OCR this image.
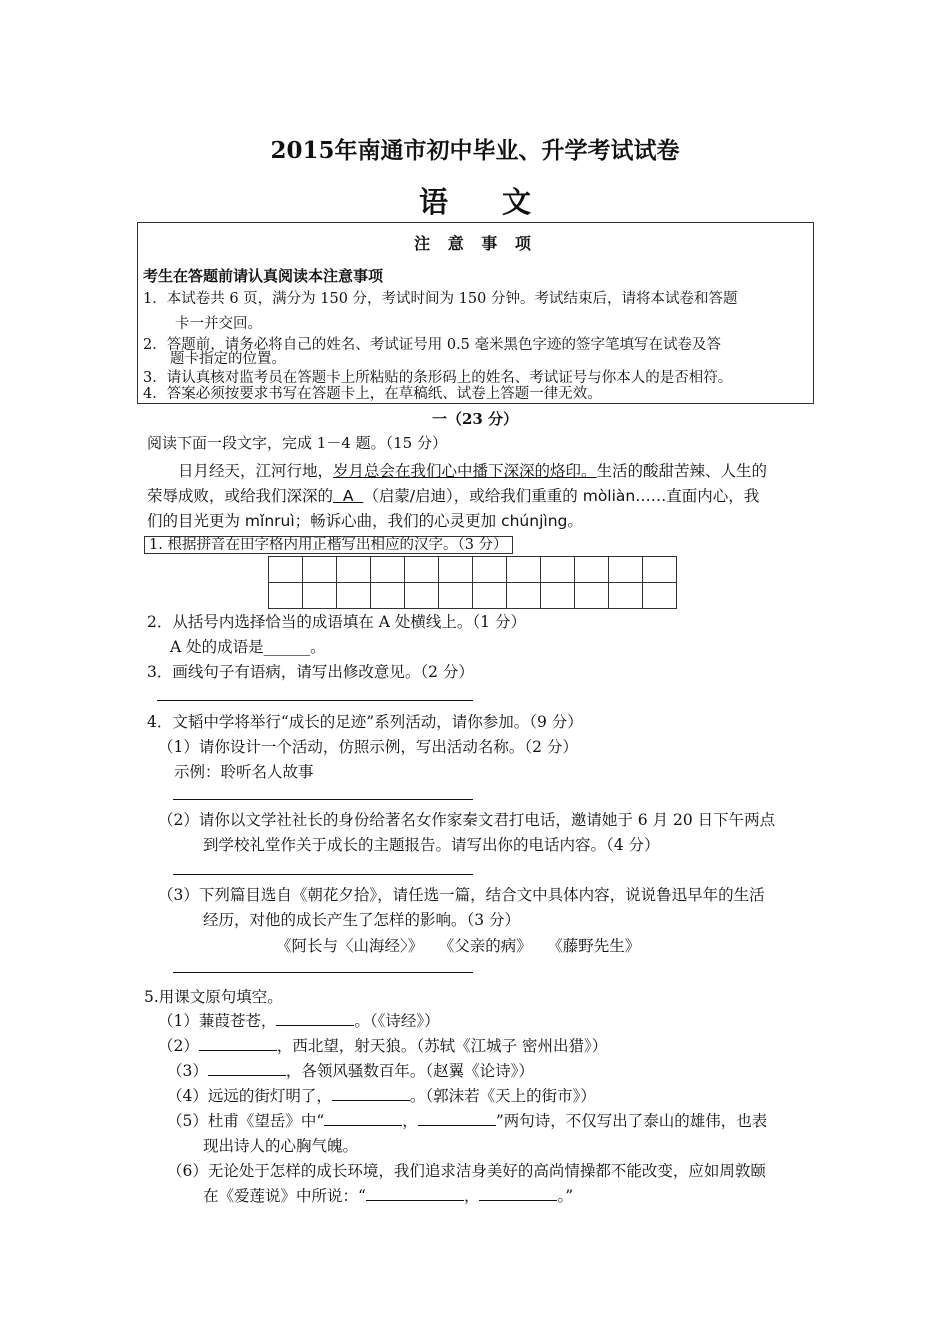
2015年南通市初中毕业、升学考试试卷
语 文
注 意 事 项
考生在答题前请认真阅读本注意事项
1．本试卷共 6 页，满分为 150 分，考试时间为 150 分钟。考试结束后，请将本试卷和答题
卡一并交回。
2．答题前，请务必将自己的姓名、考试证号用 0.5 毫米黑色字迹的签字笔填写在试卷及答
题卡指定的位置。
3．请认真核对监考员在答题卡上所粘贴的条形码上的姓名、考试证号与你本人的是否相符。
4．答案必须按要求书写在答题卡上，在草稿纸、试卷上答题一律无效。
一（23 分）
阅读下面一段文字，完成 1－4 题。（15 分）
日月经天，江河行地，岁月总会在我们心中播下深深的烙印。生活的酸甜苦辣、人生的
荣辱成败，或给我们深深的  A  （启蒙/启迪），或给我们重重的 mòliàn……直面内心，我
们的目光更为 mǐnruì；畅诉心曲，我们的心灵更加 chúnjìng。
1. 根据拼音在田字格内用正楷写出相应的汉字。（3 分）

2．从括号内选择恰当的成语填在 A 处横线上。（1 分）
A 处的成语是______。
3．画线句子有语病，请写出修改意见。（2 分）
4．文韬中学将举行“成长的足迹”系列活动，请你参加。（9 分）
（1）请你设计一个活动，仿照示例，写出活动名称。（2 分）
示例：聆听名人故事
（2）请你以文学社社长的身份给著名女作家秦文君打电话，邀请她于 6 月 20 日下午两点
到学校礼堂作关于成长的主题报告。请写出你的电话内容。（4 分）
（3）下列篇目选自《朝花夕拾》，请任选一篇，结合文中具体内容，说说鲁迅早年的生活
经历，对他的成长产生了怎样的影响。（3 分）
《阿长与〈山海经〉》　　《父亲的病》　　《藤野先生》
5.用课文原句填空。
（1）蒹葭苍苍，	。（《诗经》）
（2）	，西北望，射天狼。（苏轼《江城子 密州出猎》）
（3）	，各领风骚数百年。（赵翼《论诗》）
（4）远远的街灯明了，	。（郭沫若《天上的街市》）
（5）杜甫《望岳》中“	，	”两句诗，不仅写出了泰山的雄伟，也表
现出诗人的心胸气魄。
（6）无论处于怎样的成长环境，我们追求洁身美好的高尚情操都不能改变，应如周敦颐
在《爱莲说》中所说：“	，	。”
